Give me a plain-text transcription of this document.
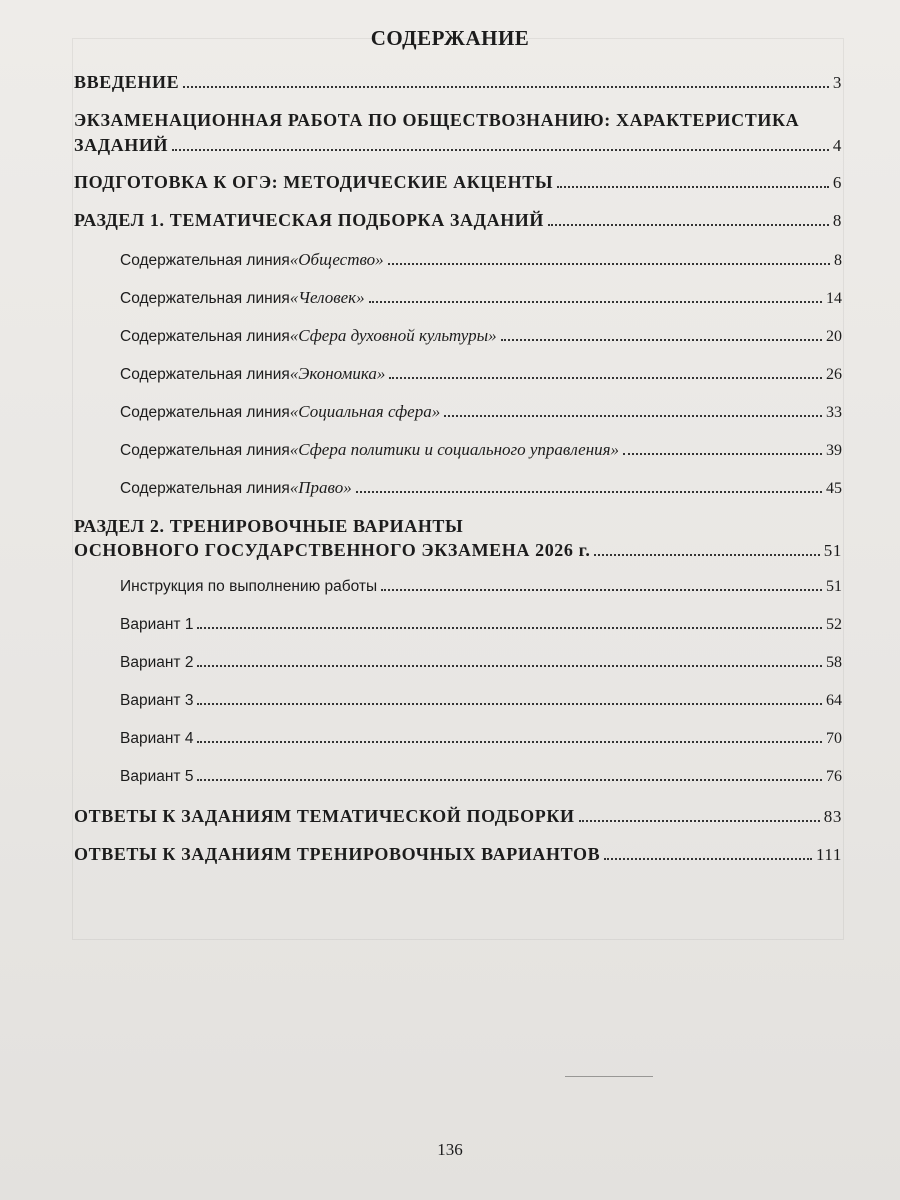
СОДЕРЖАНИЕ
ВВЕДЕНИЕ	3
ЭКЗАМЕНАЦИОННАЯ РАБОТА ПО ОБЩЕСТВОЗНАНИЮ: ХАРАКТЕРИСТИКА
ЗАДАНИЙ	4
ПОДГОТОВКА К ОГЭ: МЕТОДИЧЕСКИЕ АКЦЕНТЫ	6
РАЗДЕЛ 1. ТЕМАТИЧЕСКАЯ ПОДБОРКА ЗАДАНИЙ	8
Содержательная линия «Общество»	8
Содержательная линия «Человек»	14
Содержательная линия «Сфера духовной культуры»	20
Содержательная линия «Экономика»	26
Содержательная линия «Социальная сфера»	33
Содержательная линия «Сфера политики и социального управления»	39
Содержательная линия «Право»	45
РАЗДЕЛ 2. ТРЕНИРОВОЧНЫЕ ВАРИАНТЫ
ОСНОВНОГО ГОСУДАРСТВЕННОГО ЭКЗАМЕНА 2026 г.	51
Инструкция по выполнению работы	51
Вариант 1	52
Вариант 2	58
Вариант 3	64
Вариант 4	70
Вариант 5	76
ОТВЕТЫ К ЗАДАНИЯМ ТЕМАТИЧЕСКОЙ ПОДБОРКИ	83
ОТВЕТЫ К ЗАДАНИЯМ ТРЕНИРОВОЧНЫХ ВАРИАНТОВ	111
136
